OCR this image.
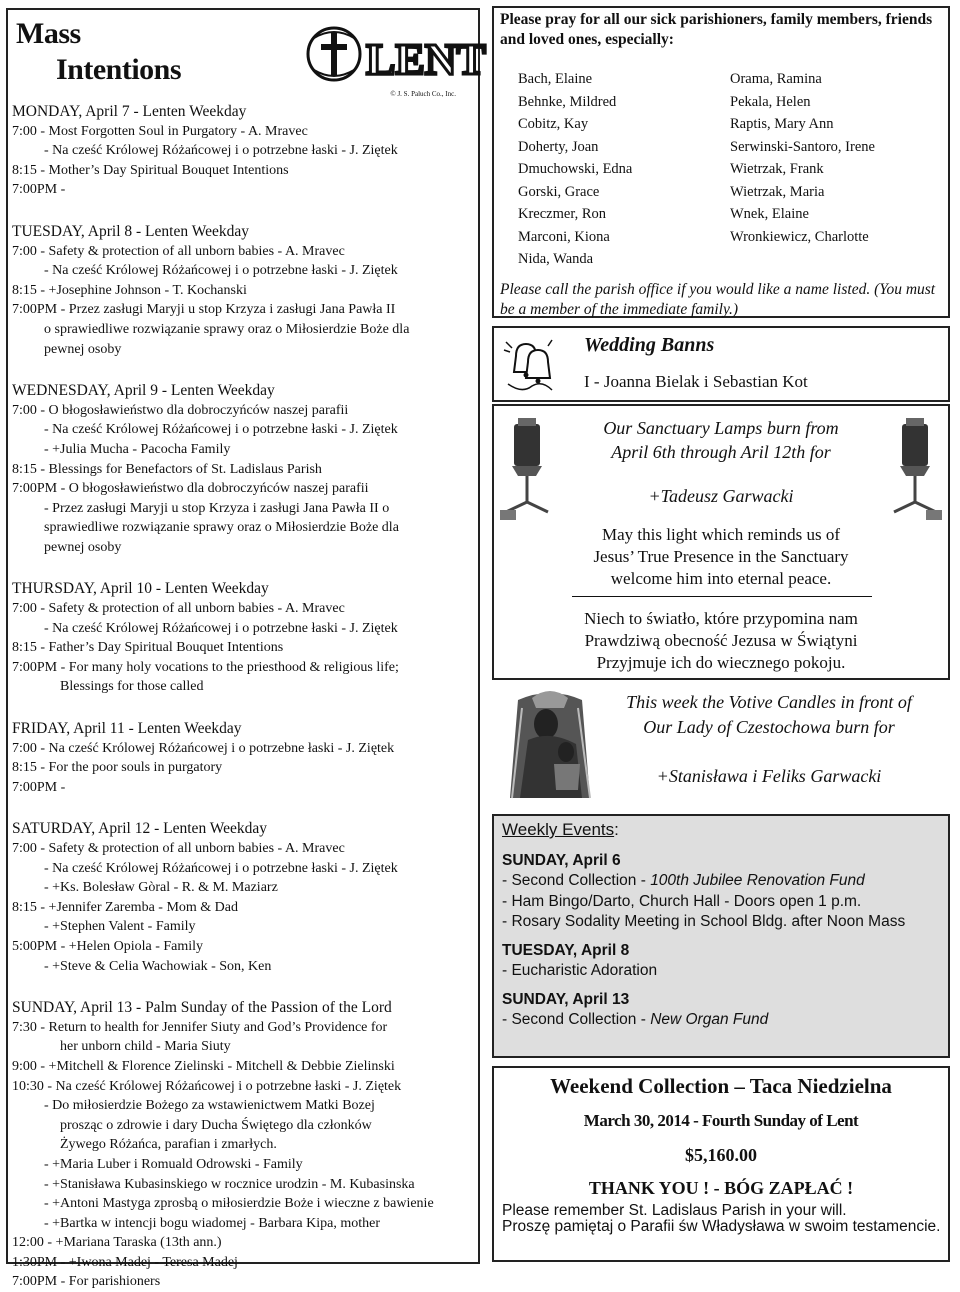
Mass
Intentions	LENT
© J. S. Paluch Co., Inc.
MONDAY, April 7 - Lenten Weekday
7:00 - Most Forgotten Soul in Purgatory - A. Mravec
- Na cześć Królowej Różańcowej i o potrzebne łaski - J. Ziętek
8:15 - Mother’s Day Spiritual Bouquet Intentions
7:00PM -
TUESDAY, April 8 - Lenten Weekday
7:00 - Safety & protection of all unborn babies - A. Mravec
- Na cześć Królowej Różańcowej i o potrzebne łaski - J. Ziętek
8:15 - +Josephine Johnson - T. Kochanski
7:00PM - Przez zasługi Maryji u stop Krzyza i zasługi Jana Pawła II
o sprawiedliwe rozwiązanie sprawy oraz o Miłosierdzie Boże dla
pewnej osoby
WEDNESDAY, April 9 - Lenten Weekday
7:00 - O błogosławieństwo dla dobroczyńców naszej parafii
- Na cześć Królowej Różańcowej i o potrzebne łaski - J. Ziętek
- +Julia Mucha - Pacocha Family
8:15 - Blessings for Benefactors of St. Ladislaus Parish
7:00PM - O błogosławieństwo dla dobroczyńców naszej parafii
- Przez zasługi Maryji u stop Krzyza i zasługi Jana Pawła II o
sprawiedliwe rozwiązanie sprawy oraz o Miłosierdzie Boże dla
pewnej osoby
THURSDAY, April 10 - Lenten Weekday
7:00 - Safety & protection of all unborn babies - A. Mravec
- Na cześć Królowej Różańcowej i o potrzebne łaski - J. Ziętek
8:15 - Father’s Day Spiritual Bouquet Intentions
7:00PM - For many holy vocations to the priesthood & religious life;
Blessings for those called
FRIDAY, April 11 - Lenten Weekday
7:00 - Na cześć Królowej Różańcowej i o potrzebne łaski - J. Ziętek
8:15 - For the poor souls in purgatory
7:00PM -
SATURDAY, April 12 - Lenten Weekday
7:00 - Safety & protection of all unborn babies - A. Mravec
- Na cześć Królowej Różańcowej i o potrzebne łaski - J. Ziętek
- +Ks. Bolesław Gòral - R. & M. Maziarz
8:15 - +Jennifer Zaremba - Mom & Dad
- +Stephen Valent - Family
5:00PM - +Helen Opiola - Family
- +Steve & Celia Wachowiak - Son, Ken
SUNDAY, April 13 - Palm Sunday of the Passion of the Lord
7:30 - Return to health for Jennifer Siuty and God’s Providence for
her unborn child - Maria Siuty
9:00 - +Mitchell & Florence Zielinski - Mitchell & Debbie Zielinski
10:30 - Na cześć Królowej Różańcowej i o potrzebne łaski - J. Ziętek
- Do miłosierdzie Bożego za wstawienictwem Matki Bozej
prosząc o zdrowie i dary Ducha Świętego dla członków
Żywego Różańca, parafian i zmarłych.
- +Maria Luber i Romuald Odrowski - Family
- +Stanisława Kubasinskiego w rocznice urodzin - M. Kubasinska
- +Antoni Mastyga zprosbą o miłosierdzie Boże i wieczne z bawienie
- +Bartka w intencji bogu wiadomej - Barbara Kipa, mother
12:00 - +Mariana Taraska (13th ann.)
1:30PM - +Iwona Madej - Teresa Madej
7:00PM - For parishioners
Please pray for all our sick parishioners, family members, friends and loved ones, especially:
Bach, Elaine
Behnke, Mildred
Cobitz, Kay
Doherty, Joan
Dmuchowski, Edna
Gorski, Grace
Kreczmer, Ron
Marconi, Kiona
Nida, Wanda
Orama, Ramina
Pekala, Helen
Raptis, Mary Ann
Serwinski-Santoro, Irene
Wietrzak, Frank
Wietrzak, Maria
Wnek, Elaine
Wronkiewicz, Charlotte
Please call the parish office if you would like a name listed. (You must be a member of the immediate family.)
Wedding Banns
I - Joanna Bielak i Sebastian Kot
Our Sanctuary Lamps burn from
April 6th through Aril 12th for
+Tadeusz Garwacki
May this light which reminds us of
Jesus’ True Presence in the Sanctuary
welcome him into eternal peace.
Niech to światło, które przypomina nam
Prawdziwą obecność Jezusa w Świątyni
Przyjmuje ich do wiecznego pokoju.
This week the Votive Candles in front of
Our Lady of Czestochowa burn for
+Stanisława i Feliks Garwacki
Weekly Events:
SUNDAY, April 6
- Second Collection - 100th Jubilee Renovation Fund
- Ham Bingo/Darto, Church Hall - Doors open 1 p.m.
- Rosary Sodality Meeting in School Bldg. after Noon Mass
TUESDAY, April 8
- Eucharistic Adoration
SUNDAY, April 13
- Second Collection - New Organ Fund
Weekend Collection – Taca Niedzielna
March 30, 2014 - Fourth Sunday of Lent
$5,160.00
THANK YOU ! - BÓG ZAPŁAĆ !
Please remember St. Ladislaus Parish in your will.
Proszę pamiętaj o Parafii św Władysława w swoim testamencie.
